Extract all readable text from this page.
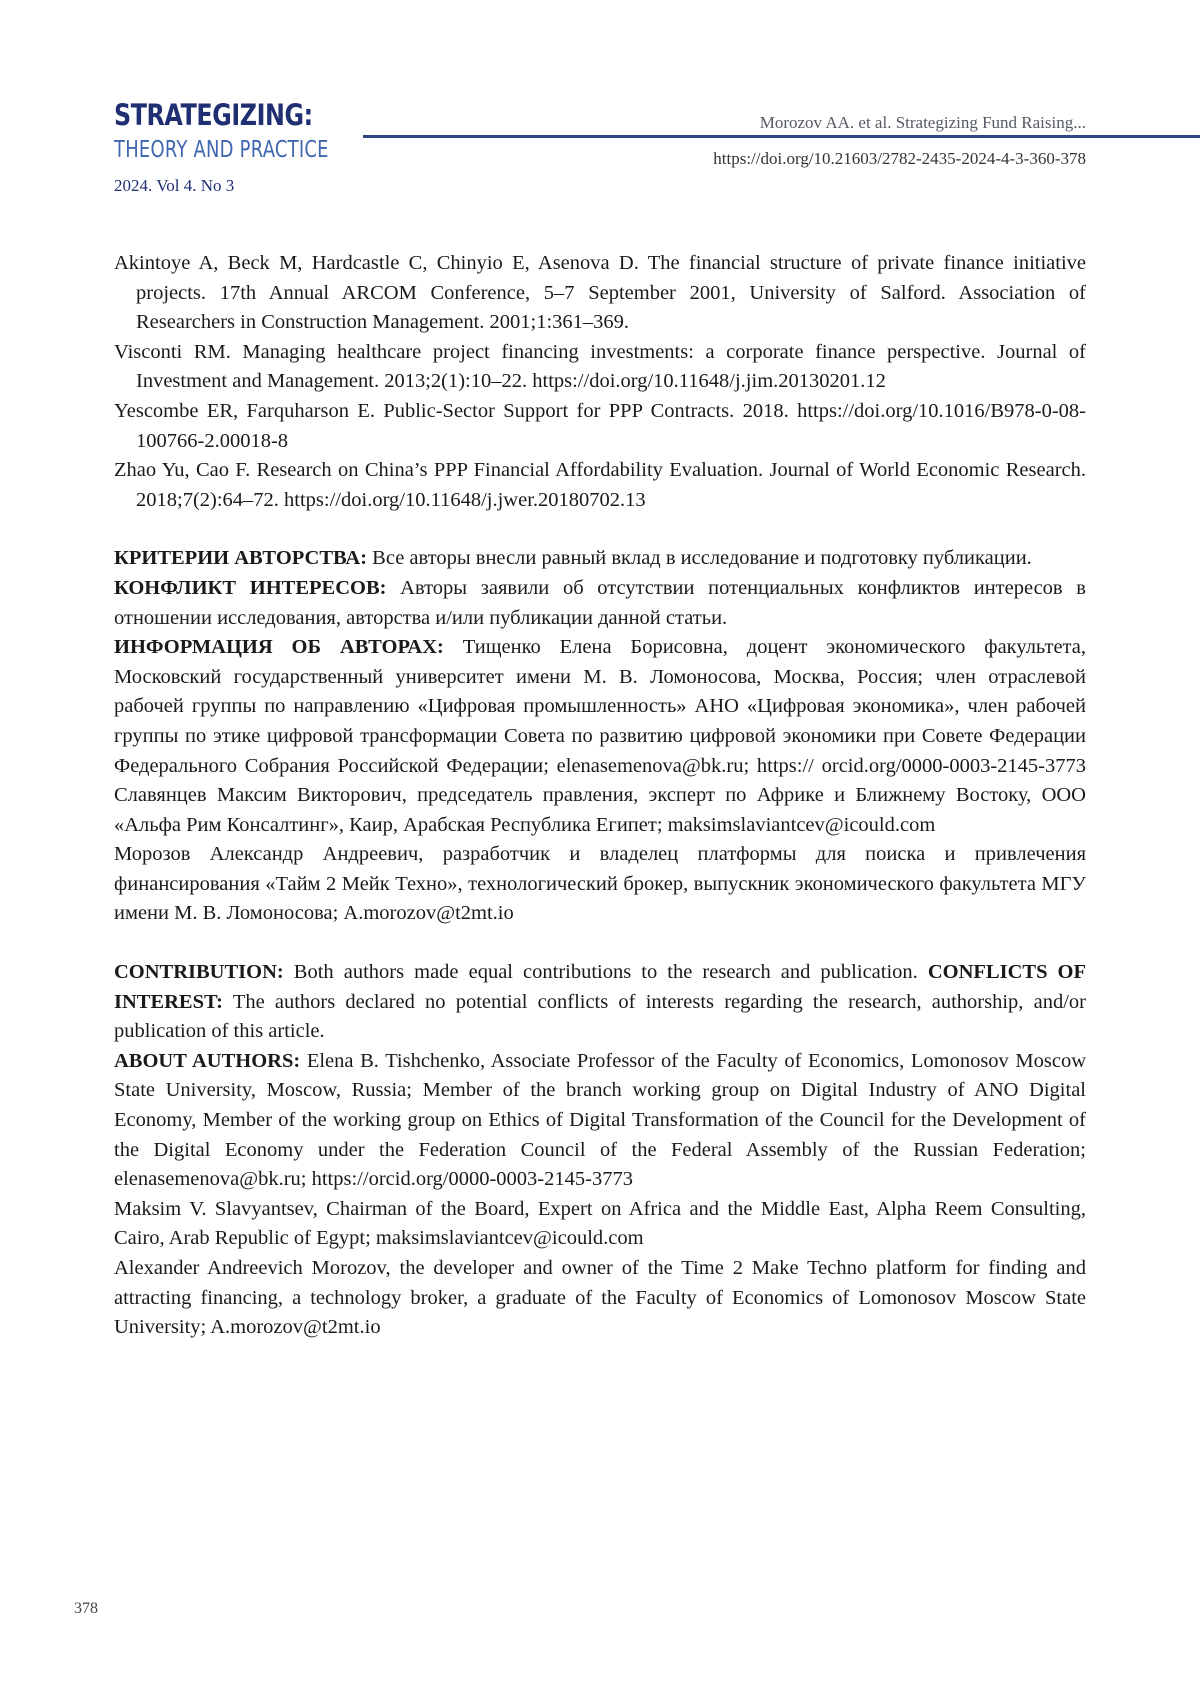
STRATEGIZING:
THEORY AND PRACTICE
2024. Vol 4. No 3
Morozov AA. et al. Strategizing Fund Raising...
https://doi.org/10.21603/2782-2435-2024-4-3-360-378

Akintoye A, Beck M, Hardcastle C, Chinyio E, Asenova D. The financial structure of private finance initiative projects. 17th Annual ARCOM Conference, 5–7 September 2001, University of Salford. Association of Researchers in Construction Management. 2001;1:361–369.

Visconti RM. Managing healthcare project financing investments: a corporate finance perspective. Journal of Investment and Management. 2013;2(1):10–22. https://doi.org/10.11648/j.jim.20130201.12

Yescombe ER, Farquharson E. Public-Sector Support for PPP Contracts. 2018. https://doi.org/10.1016/B978-0-08-100766-2.00018-8

Zhao Yu, Cao F. Research on China’s PPP Financial Affordability Evaluation. Journal of World Economic Research. 2018;7(2):64–72. https://doi.org/10.11648/j.jwer.20180702.13

КРИТЕРИИ АВТОРСТВА: Все авторы внесли равный вклад в исследование и подготовку публикации.

КОНФЛИКТ ИНТЕРЕСОВ: Авторы заявили об отсутствии потенциальных конфликтов интересов в отношении исследования, авторства и/или публикации данной статьи.

ИНФОРМАЦИЯ ОБ АВТОРАХ: Тищенко Елена Борисовна, доцент экономического факультета, Московский государственный университет имени М. В. Ломоносова, Москва, Россия; член отраслевой рабочей группы по направлению «Цифровая промышленность» АНО «Цифровая экономика», член рабочей группы по этике цифровой трансформации Совета по развитию цифровой экономики при Совете Федерации Федерального Собрания Российской Федерации; elenasemenova@bk.ru; https:// orcid.org/0000-0003-2145-3773 Славянцев Максим Викторович, председатель правления, эксперт по Африке и Ближнему Востоку, ООО «Альфа Рим Консалтинг», Каир, Арабская Республика Египет; maksimslaviantcev@icould.com

Морозов Александр Андреевич, разработчик и владелец платформы для поиска и привлечения финансирования «Тайм 2 Мейк Техно», технологический брокер, выпускник экономического факультета МГУ имени М. В. Ломоносова; A.morozov@t2mt.io

CONTRIBUTION: Both authors made equal contributions to the research and publication. CONFLICTS OF INTEREST: The authors declared no potential conflicts of interests regarding the research, authorship, and/or publication of this article.

ABOUT AUTHORS: Elena B. Tishchenko, Associate Professor of the Faculty of Economics, Lomonosov Moscow State University, Moscow, Russia; Member of the branch working group on Digital Industry of ANO Digital Economy, Member of the working group on Ethics of Digital Transformation of the Council for the Development of the Digital Economy under the Federation Council of the Federal Assembly of the Russian Federation; elenasemenova@bk.ru; https://orcid.org/0000-0003-2145-3773

Maksim V. Slavyantsev, Chairman of the Board, Expert on Africa and the Middle East, Alpha Reem Consulting, Cairo, Arab Republic of Egypt; maksimslaviantcev@icould.com

Alexander Andreevich Morozov, the developer and owner of the Time 2 Make Techno platform for finding and attracting financing, a technology broker, a graduate of the Faculty of Economics of Lomonosov Moscow State University; A.morozov@t2mt.io

378
